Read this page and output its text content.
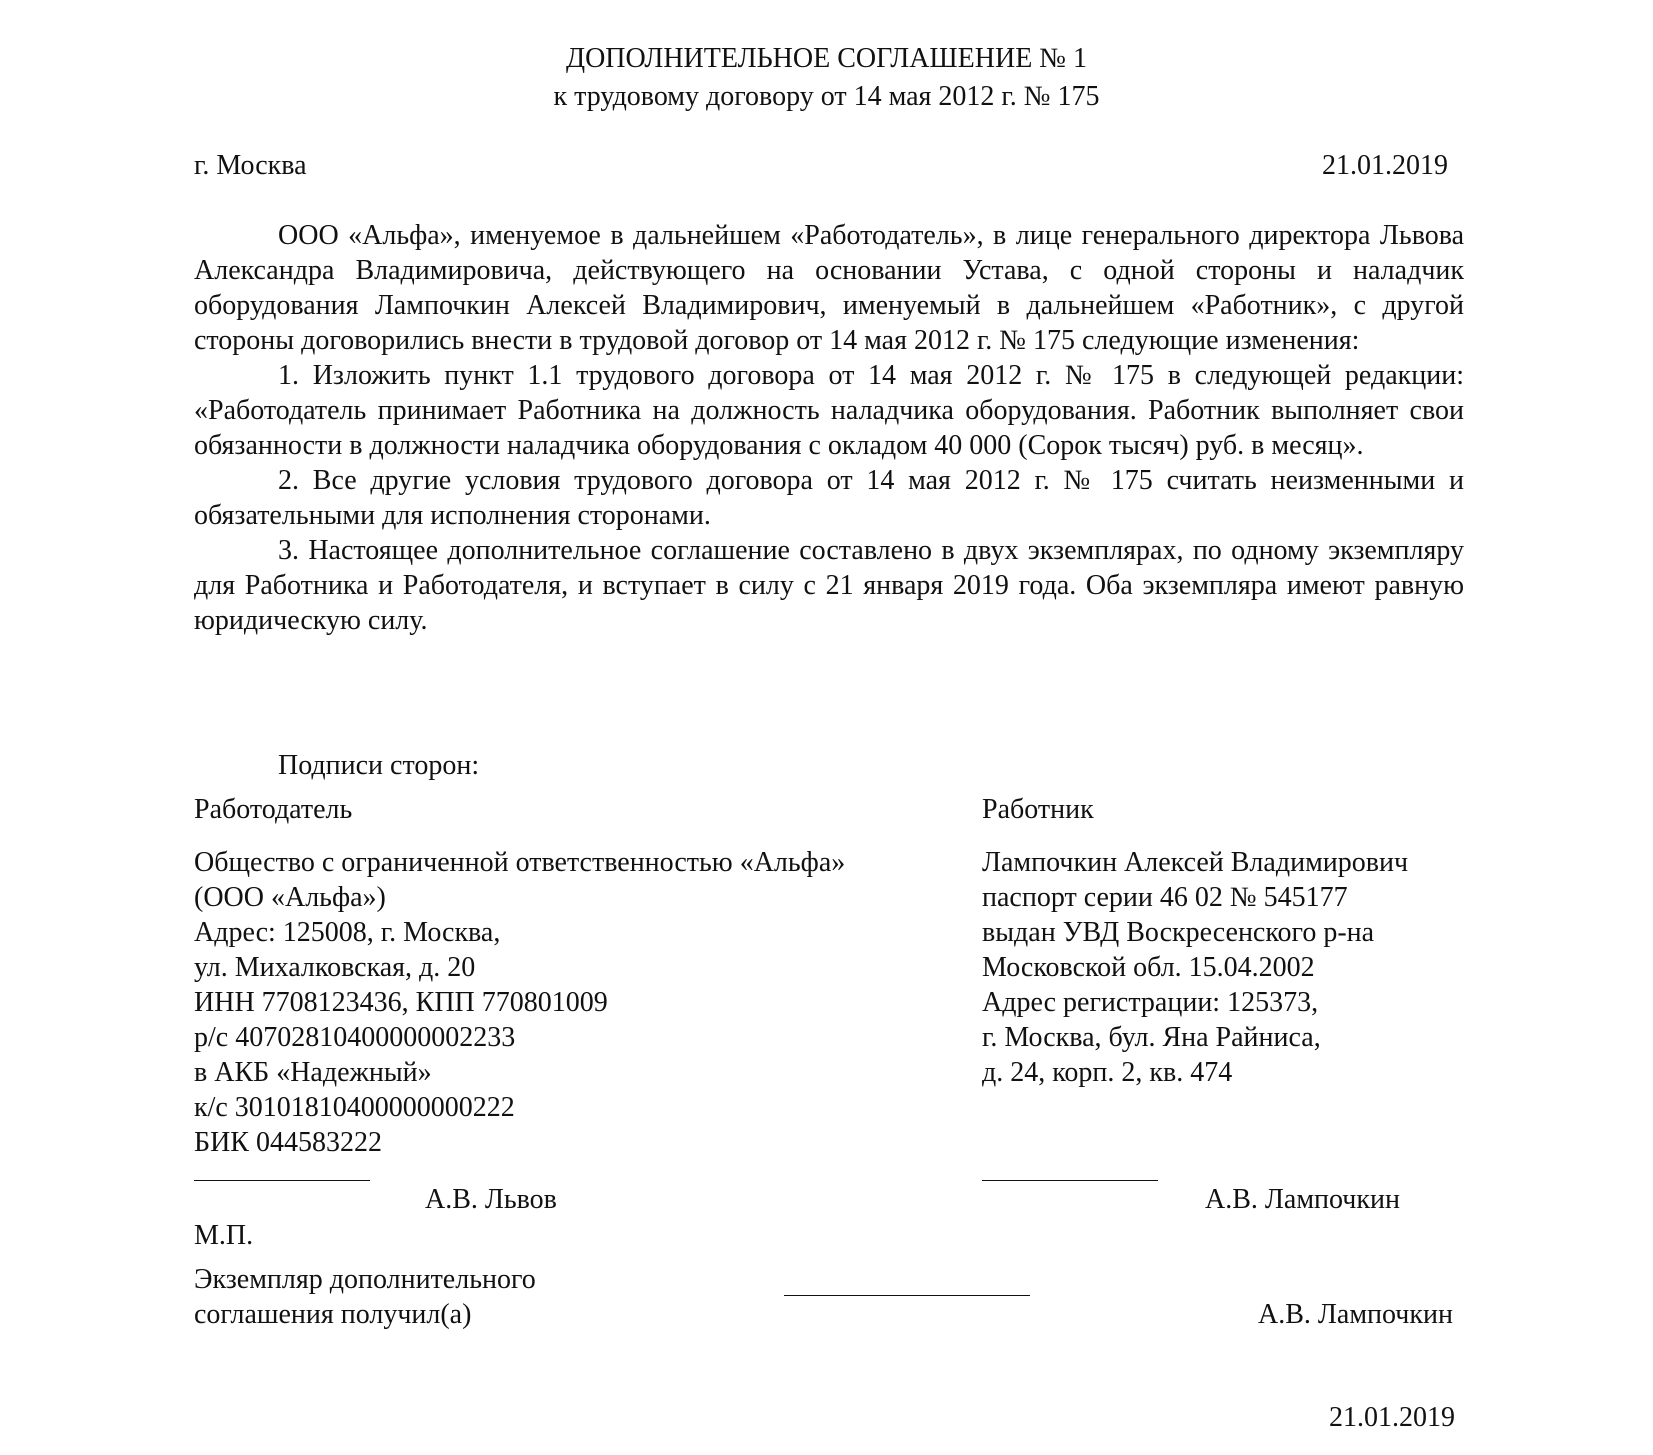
ДОПОЛНИТЕЛЬНОЕ СОГЛАШЕНИЕ № 1
к трудовому договору от 14 мая 2012 г. № 175
г. Москва	21.01.2019

ООО «Альфа», именуемое в дальнейшем «Работодатель», в лице генерального директора Львова Александра Владимировича, действующего на основании Устава, с одной стороны и наладчик оборудования Лампочкин Алексей Владимирович, именуемый в дальнейшем «Работник», с другой стороны договорились внести в трудовой договор от 14 мая 2012 г. № 175 следующие изменения:

1. Изложить пункт 1.1 трудового договора от 14 мая 2012 г. № 175 в следующей редакции: «Работодатель принимает Работника на должность наладчика оборудования. Работник выполняет свои обязанности в должности наладчика оборудования с окладом 40 000 (Сорок тысяч) руб. в месяц».

2. Все другие условия трудового договора от 14 мая 2012 г. № 175 считать неизменными и обязательными для исполнения сторонами.

3. Настоящее дополнительное соглашение составлено в двух экземплярах, по одному экземпляру для Работника и Работодателя, и вступает в силу с 21 января 2019 года. Оба экземпляра имеют равную юридическую силу.

Подписи сторон:
Работодатель
Общество с ограниченной ответственностью «Альфа»
(ООО «Альфа»)
Адрес: 125008, г. Москва,
ул. Михалковская, д. 20
ИНН 7708123436, КПП 770801009
р/с 40702810400000002233
в АКБ «Надежный»
к/с 30101810400000000222
БИК 044583222
Работник
Лампочкин Алексей Владимирович
паспорт серии 46 02 № 545177
выдан УВД Воскресенского р-на
Московской обл. 15.04.2002
Адрес регистрации: 125373,
г. Москва, бул. Яна Райниса,
д. 24, корп. 2, кв. 474
А.В. Львов
М.П.
А.В. Лампочкин
Экземпляр дополнительного
соглашения получил(а)	А.В. Лампочкин
21.01.2019
